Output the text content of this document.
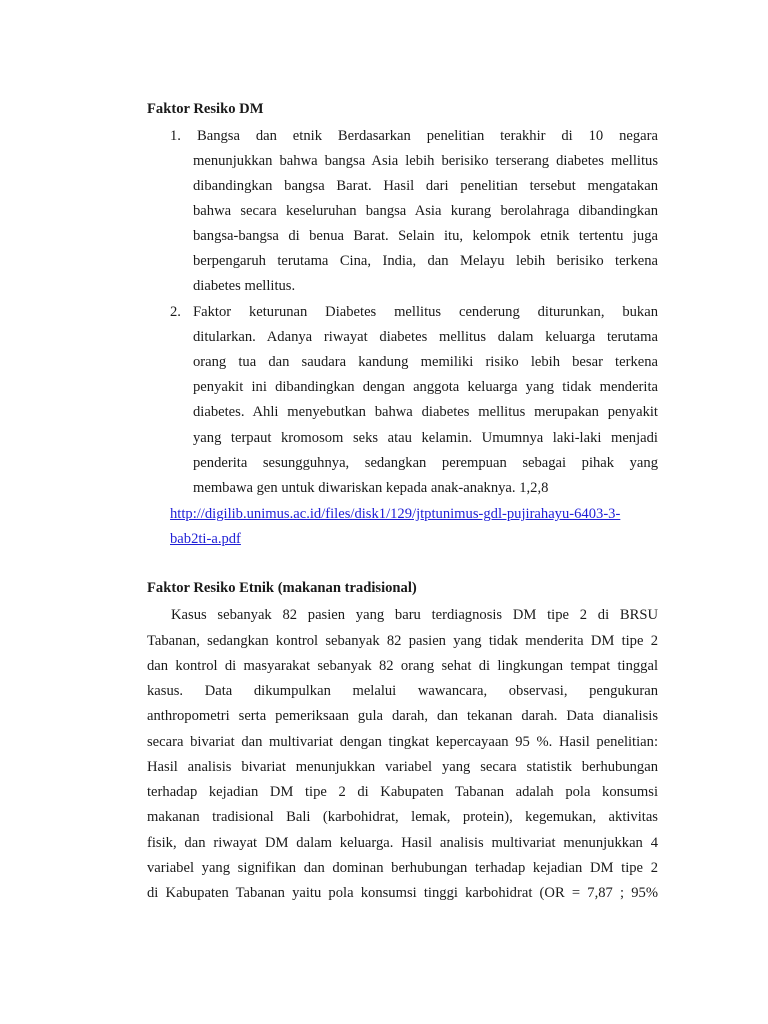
Faktor Resiko DM
1. Bangsa dan etnik Berdasarkan penelitian terakhir di 10 negara
menunjukkan bahwa bangsa Asia lebih berisiko terserang diabetes mellitus
dibandingkan bangsa Barat. Hasil dari penelitian tersebut mengatakan
bahwa secara keseluruhan bangsa Asia kurang berolahraga dibandingkan
bangsa-bangsa di benua Barat. Selain itu, kelompok etnik tertentu juga
berpengaruh terutama Cina, India, dan Melayu lebih berisiko terkena
diabetes mellitus.
2. Faktor keturunan Diabetes mellitus cenderung diturunkan, bukan
ditularkan. Adanya riwayat diabetes mellitus dalam keluarga terutama
orang tua dan saudara kandung memiliki risiko lebih besar terkena
penyakit ini dibandingkan dengan anggota keluarga yang tidak menderita
diabetes. Ahli menyebutkan bahwa diabetes mellitus merupakan penyakit
yang terpaut kromosom seks atau kelamin. Umumnya laki-laki menjadi
penderita sesungguhnya, sedangkan perempuan sebagai pihak yang
membawa gen untuk diwariskan kepada anak-anaknya. 1,2,8
http://digilib.unimus.ac.id/files/disk1/129/jtptunimus-gdl-pujirahayu-6403-3-
bab2ti-a.pdf
Faktor Resiko Etnik (makanan tradisional)
Kasus sebanyak 82 pasien yang baru terdiagnosis DM tipe 2 di BRSU
Tabanan, sedangkan kontrol sebanyak 82 pasien yang tidak menderita DM tipe 2
dan kontrol di masyarakat sebanyak 82 orang sehat di lingkungan tempat tinggal
kasus. Data dikumpulkan melalui wawancara, observasi, pengukuran
anthropometri serta pemeriksaan gula darah, dan tekanan darah. Data dianalisis
secara bivariat dan multivariat dengan tingkat kepercayaan 95 %. Hasil penelitian:
Hasil analisis bivariat menunjukkan variabel yang secara statistik berhubungan
terhadap kejadian DM tipe 2 di Kabupaten Tabanan adalah pola konsumsi
makanan tradisional Bali (karbohidrat, lemak, protein), kegemukan, aktivitas
fisik, dan riwayat DM dalam keluarga. Hasil analisis multivariat menunjukkan 4
variabel yang signifikan dan dominan berhubungan terhadap kejadian DM tipe 2
di Kabupaten Tabanan yaitu pola konsumsi tinggi karbohidrat (OR = 7,87 ; 95%
